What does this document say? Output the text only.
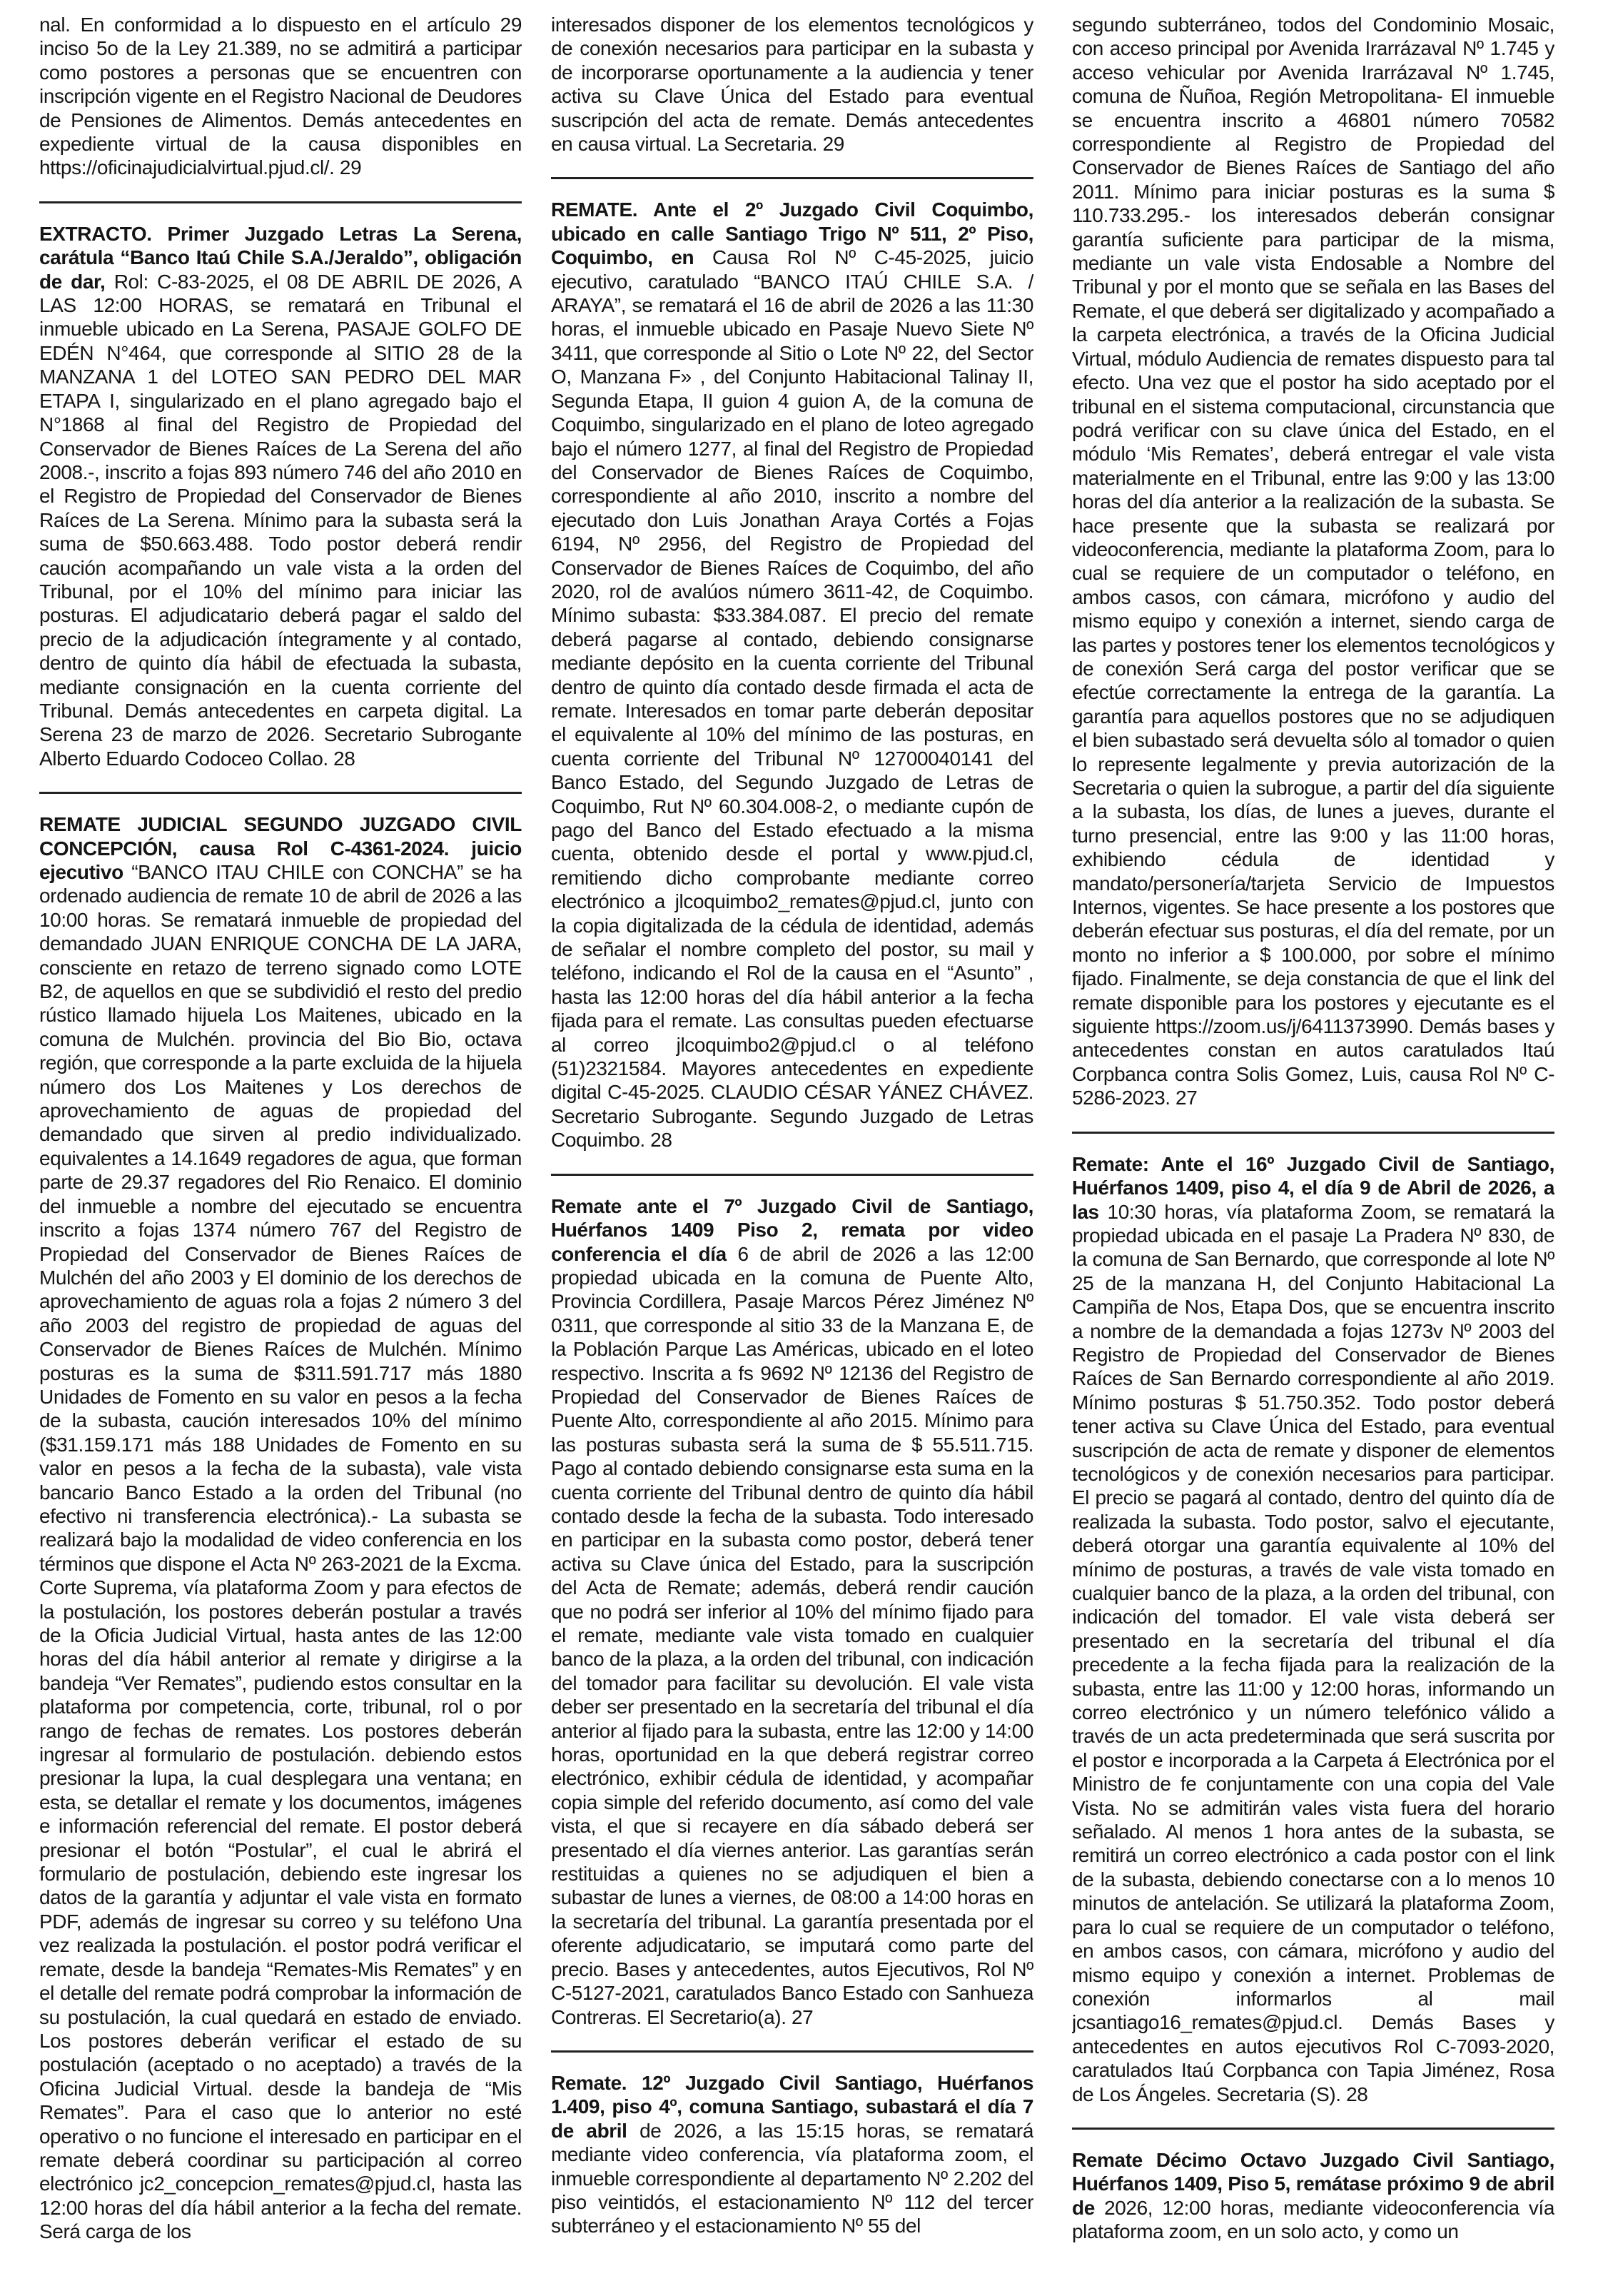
nal. En conformidad a lo dispuesto en el artículo 29 inciso 5o de la Ley 21.389, no se admitirá a participar como postores a personas que se encuentren con inscripción vigente en el Registro Nacional de Deudores de Pensiones de Alimentos. Demás antecedentes en expediente virtual de la causa disponibles en https://oficinajudicialvirtual.pjud.cl/. 29

EXTRACTO. Primer Juzgado Letras La Serena, carátula “Banco Itaú Chile S.A./Jeraldo”, obligación de dar, Rol: C-83-2025, el 08 DE ABRIL DE 2026, A LAS 12:00 HORAS, se rematará en Tribunal el inmueble ubicado en La Serena, PASAJE GOLFO DE EDÉN N°464, que corresponde al SITIO 28 de la MANZANA 1 del LOTEO SAN PEDRO DEL MAR ETAPA I, singularizado en el plano agregado bajo el N°1868 al final del Registro de Propiedad del Conservador de Bienes Raíces de La Serena del año 2008.-, inscrito a fojas 893 número 746 del año 2010 en el Registro de Propiedad del Conservador de Bienes Raíces de La Serena. Mínimo para la subasta será la suma de $50.663.488. Todo postor deberá rendir caución acompañando un vale vista a la orden del Tribunal, por el 10% del mínimo para iniciar las posturas. El adjudicatario deberá pagar el saldo del precio de la adjudicación íntegramente y al contado, dentro de quinto día hábil de efectuada la subasta, mediante consignación en la cuenta corriente del Tribunal. Demás antecedentes en carpeta digital. La Serena 23 de marzo de 2026. Secretario Subrogante Alberto Eduardo Codoceo Collao. 28

REMATE JUDICIAL SEGUNDO JUZGADO CIVIL CONCEPCIÓN, causa Rol C-4361-2024. juicio ejecutivo “BANCO ITAU CHILE con CONCHA” se ha ordenado audiencia de remate 10 de abril de 2026 a las 10:00 horas. Se rematará inmueble de propiedad del demandado JUAN ENRIQUE CONCHA DE LA JARA, consciente en retazo de terreno signado como LOTE B2, de aquellos en que se subdividió el resto del predio rústico llamado hijuela Los Maitenes, ubicado en la comuna de Mulchén. provincia del Bio Bio, octava región, que corresponde a la parte excluida de la hijuela número dos Los Maitenes y Los derechos de aprovechamiento de aguas de propiedad del demandado que sirven al predio individualizado. equivalentes a 14.1649 regadores de agua, que forman parte de 29.37 regadores del Rio Renaico. El dominio del inmueble a nombre del ejecutado se encuentra inscrito a fojas 1374 número 767 del Registro de Propiedad del Conservador de Bienes Raíces de Mulchén del año 2003 y El dominio de los derechos de aprovechamiento de aguas rola a fojas 2 número 3 del año 2003 del registro de propiedad de aguas del Conservador de Bienes Raíces de Mulchén. Mínimo posturas es la suma de $311.591.717 más 1880 Unidades de Fomento en su valor en pesos a la fecha de la subasta, caución interesados 10% del mínimo ($31.159.171 más 188 Unidades de Fomento en su valor en pesos a la fecha de la subasta), vale vista bancario Banco Estado a la orden del Tribunal (no efectivo ni transferencia electrónica).- La subasta se realizará bajo la modalidad de video conferencia en los términos que dispone el Acta Nº 263-2021 de la Excma. Corte Suprema, vía plataforma Zoom y para efectos de la postulación, los postores deberán postular a través de la Oficia Judicial Virtual, hasta antes de las 12:00 horas del día hábil anterior al remate y dirigirse a la bandeja “Ver Remates”, pudiendo estos consultar en la plataforma por competencia, corte, tribunal, rol o por rango de fechas de remates. Los postores deberán ingresar al formulario de postulación. debiendo estos presionar la lupa, la cual desplegara una ventana; en esta, se detallar el remate y los documentos, imágenes e información referencial del remate. El postor deberá presionar el botón “Postular”, el cual le abrirá el formulario de postulación, debiendo este ingresar los datos de la garantía y adjuntar el vale vista en formato PDF, además de ingresar su correo y su teléfono Una vez realizada la postulación. el postor podrá verificar el remate, desde la bandeja “Remates-Mis Remates” y en el detalle del remate podrá comprobar la información de su postulación, la cual quedará en estado de enviado. Los postores deberán verificar el estado de su postulación (aceptado o no aceptado) a través de la Oficina Judicial Virtual. desde la bandeja de “Mis Remates”. Para el caso que lo anterior no esté operativo o no funcione el interesado en participar en el remate deberá coordinar su participación al correo electrónico jc2_concepcion_remates@pjud.cl, hasta las 12:00 horas del día hábil anterior a la fecha del remate. Será carga de los

interesados disponer de los elementos tecnológicos y de conexión necesarios para participar en la subasta y de incorporarse oportunamente a la audiencia y tener activa su Clave Única del Estado para eventual suscripción del acta de remate. Demás antecedentes en causa virtual. La Secretaria. 29

REMATE. Ante el 2º Juzgado Civil Coquimbo, ubicado en calle Santiago Trigo Nº 511, 2º Piso, Coquimbo, en Causa Rol Nº C-45-2025, juicio ejecutivo, caratulado “BANCO ITAÚ CHILE S.A. / ARAYA”, se rematará el 16 de abril de 2026 a las 11:30 horas, el inmueble ubicado en Pasaje Nuevo Siete Nº 3411, que corresponde al Sitio o Lote Nº 22, del Sector O, Manzana F» , del Conjunto Habitacional Talinay II, Segunda Etapa, II guion 4 guion A, de la comuna de Coquimbo, singularizado en el plano de loteo agregado bajo el número 1277, al final del Registro de Propiedad del Conservador de Bienes Raíces de Coquimbo, correspondiente al año 2010, inscrito a nombre del ejecutado don Luis Jonathan Araya Cortés a Fojas 6194, Nº 2956, del Registro de Propiedad del Conservador de Bienes Raíces de Coquimbo, del año 2020, rol de avalúos número 3611-42, de Coquimbo. Mínimo subasta: $33.384.087. El precio del remate deberá pagarse al contado, debiendo consignarse mediante depósito en la cuenta corriente del Tribunal dentro de quinto día contado desde firmada el acta de remate. Interesados en tomar parte deberán depositar el equivalente al 10% del mínimo de las posturas, en cuenta corriente del Tribunal Nº 12700040141 del Banco Estado, del Segundo Juzgado de Letras de Coquimbo, Rut Nº 60.304.008-2, o mediante cupón de pago del Banco del Estado efectuado a la misma cuenta, obtenido desde el portal y www.pjud.cl, remitiendo dicho comprobante mediante correo electrónico a jlcoquimbo2_remates@pjud.cl, junto con la copia digitalizada de la cédula de identidad, además de señalar el nombre completo del postor, su mail y teléfono, indicando el Rol de la causa en el “Asunto” , hasta las 12:00 horas del día hábil anterior a la fecha fijada para el remate. Las consultas pueden efectuarse al correo jlcoquimbo2@pjud.cl o al teléfono (51)2321584. Mayores antecedentes en expediente digital C-45-2025. CLAUDIO CÉSAR YÁNEZ CHÁVEZ. Secretario Subrogante. Segundo Juzgado de Letras Coquimbo. 28

Remate ante el 7º Juzgado Civil de Santiago, Huérfanos 1409 Piso 2, remata por video conferencia el día 6 de abril de 2026 a las 12:00 propiedad ubicada en la comuna de Puente Alto, Provincia Cordillera, Pasaje Marcos Pérez Jiménez Nº 0311, que corresponde al sitio 33 de la Manzana E, de la Población Parque Las Américas, ubicado en el loteo respectivo. Inscrita a fs 9692 Nº 12136 del Registro de Propiedad del Conservador de Bienes Raíces de Puente Alto, correspondiente al año 2015. Mínimo para las posturas subasta será la suma de $ 55.511.715. Pago al contado debiendo consignarse esta suma en la cuenta corriente del Tribunal dentro de quinto día hábil contado desde la fecha de la subasta. Todo interesado en participar en la subasta como postor, deberá tener activa su Clave única del Estado, para la suscripción del Acta de Remate; además, deberá rendir caución que no podrá ser inferior al 10% del mínimo fijado para el remate, mediante vale vista tomado en cualquier banco de la plaza, a la orden del tribunal, con indicación del tomador para facilitar su devolución. El vale vista deber ser presentado en la secretaría del tribunal el día anterior al fijado para la subasta, entre las 12:00 y 14:00 horas, oportunidad en la que deberá registrar correo electrónico, exhibir cédula de identidad, y acompañar copia simple del referido documento, así como del vale vista, el que si recayere en día sábado deberá ser presentado el día viernes anterior. Las garantías serán restituidas a quienes no se adjudiquen el bien a subastar de lunes a viernes, de 08:00 a 14:00 horas en la secretaría del tribunal. La garantía presentada por el oferente adjudicatario, se imputará como parte del precio. Bases y antecedentes, autos Ejecutivos, Rol Nº C-5127-2021, caratulados Banco Estado con Sanhueza Contreras. El Secretario(a). 27

Remate. 12º Juzgado Civil Santiago, Huérfanos 1.409, piso 4º, comuna Santiago, subastará el día 7 de abril de 2026, a las 15:15 horas, se rematará mediante video conferencia, vía plataforma zoom, el inmueble correspondiente al departamento Nº 2.202 del piso veintidós, el estacionamiento Nº 112 del tercer subterráneo y el estacionamiento Nº 55 del

segundo subterráneo, todos del Condominio Mosaic, con acceso principal por Avenida Irarrázaval Nº 1.745 y acceso vehicular por Avenida Irarrázaval Nº 1.745, comuna de Ñuñoa, Región Metropolitana- El inmueble se encuentra inscrito a 46801 número 70582 correspondiente al Registro de Propiedad del Conservador de Bienes Raíces de Santiago del año 2011. Mínimo para iniciar posturas es la suma $ 110.733.295.- los interesados deberán consignar garantía suficiente para participar de la misma, mediante un vale vista Endosable a Nombre del Tribunal y por el monto que se señala en las Bases del Remate, el que deberá ser digitalizado y acompañado a la carpeta electrónica, a través de la Oficina Judicial Virtual, módulo Audiencia de remates dispuesto para tal efecto. Una vez que el postor ha sido aceptado por el tribunal en el sistema computacional, circunstancia que podrá verificar con su clave única del Estado, en el módulo ‘Mis Remates’, deberá entregar el vale vista materialmente en el Tribunal, entre las 9:00 y las 13:00 horas del día anterior a la realización de la subasta. Se hace presente que la subasta se realizará por videoconferencia, mediante la plataforma Zoom, para lo cual se requiere de un computador o teléfono, en ambos casos, con cámara, micrófono y audio del mismo equipo y conexión a internet, siendo carga de las partes y postores tener los elementos tecnológicos y de conexión Será carga del postor verificar que se efectúe correctamente la entrega de la garantía. La garantía para aquellos postores que no se adjudiquen el bien subastado será devuelta sólo al tomador o quien lo represente legalmente y previa autorización de la Secretaria o quien la subrogue, a partir del día siguiente a la subasta, los días, de lunes a jueves, durante el turno presencial, entre las 9:00 y las 11:00 horas, exhibiendo cédula de identidad y mandato/personería/tarjeta Servicio de Impuestos Internos, vigentes. Se hace presente a los postores que deberán efectuar sus posturas, el día del remate, por un monto no inferior a $ 100.000, por sobre el mínimo fijado. Finalmente, se deja constancia de que el link del remate disponible para los postores y ejecutante es el siguiente https://zoom.us/j/6411373990. Demás bases y antecedentes constan en autos caratulados Itaú Corpbanca contra Solis Gomez, Luis, causa Rol Nº C-5286-2023. 27

Remate: Ante el 16º Juzgado Civil de Santiago, Huérfanos 1409, piso 4, el día 9 de Abril de 2026, a las 10:30 horas, vía plataforma Zoom, se rematará la propiedad ubicada en el pasaje La Pradera Nº 830, de la comuna de San Bernardo, que corresponde al lote Nº 25 de la manzana H, del Conjunto Habitacional La Campiña de Nos, Etapa Dos, que se encuentra inscrito a nombre de la demandada a fojas 1273v Nº 2003 del Registro de Propiedad del Conservador de Bienes Raíces de San Bernardo correspondiente al año 2019. Mínimo posturas $ 51.750.352. Todo postor deberá tener activa su Clave Única del Estado, para eventual suscripción de acta de remate y disponer de elementos tecnológicos y de conexión necesarios para participar. El precio se pagará al contado, dentro del quinto día de realizada la subasta. Todo postor, salvo el ejecutante, deberá otorgar una garantía equivalente al 10% del mínimo de posturas, a través de vale vista tomado en cualquier banco de la plaza, a la orden del tribunal, con indicación del tomador. El vale vista deberá ser presentado en la secretaría del tribunal el día precedente a la fecha fijada para la realización de la subasta, entre las 11:00 y 12:00 horas, informando un correo electrónico y un número telefónico válido a través de un acta predeterminada que será suscrita por el postor e incorporada a la Carpeta á Electrónica por el Ministro de fe conjuntamente con una copia del Vale Vista. No se admitirán vales vista fuera del horario señalado. Al menos 1 hora antes de la subasta, se remitirá un correo electrónico a cada postor con el link de la subasta, debiendo conectarse con a lo menos 10 minutos de antelación. Se utilizará la plataforma Zoom, para lo cual se requiere de un computador o teléfono, en ambos casos, con cámara, micrófono y audio del mismo equipo y conexión a internet. Problemas de conexión informarlos al mail jcsantiago16_remates@pjud.cl. Demás Bases y antecedentes en autos ejecutivos Rol C-7093-2020, caratulados Itaú Corpbanca con Tapia Jiménez, Rosa de Los Ángeles. Secretaria (S). 28

Remate Décimo Octavo Juzgado Civil Santiago, Huérfanos 1409, Piso 5, remátase próximo 9 de abril de 2026, 12:00 horas, mediante videoconferencia vía plataforma zoom, en un solo acto, y como un
